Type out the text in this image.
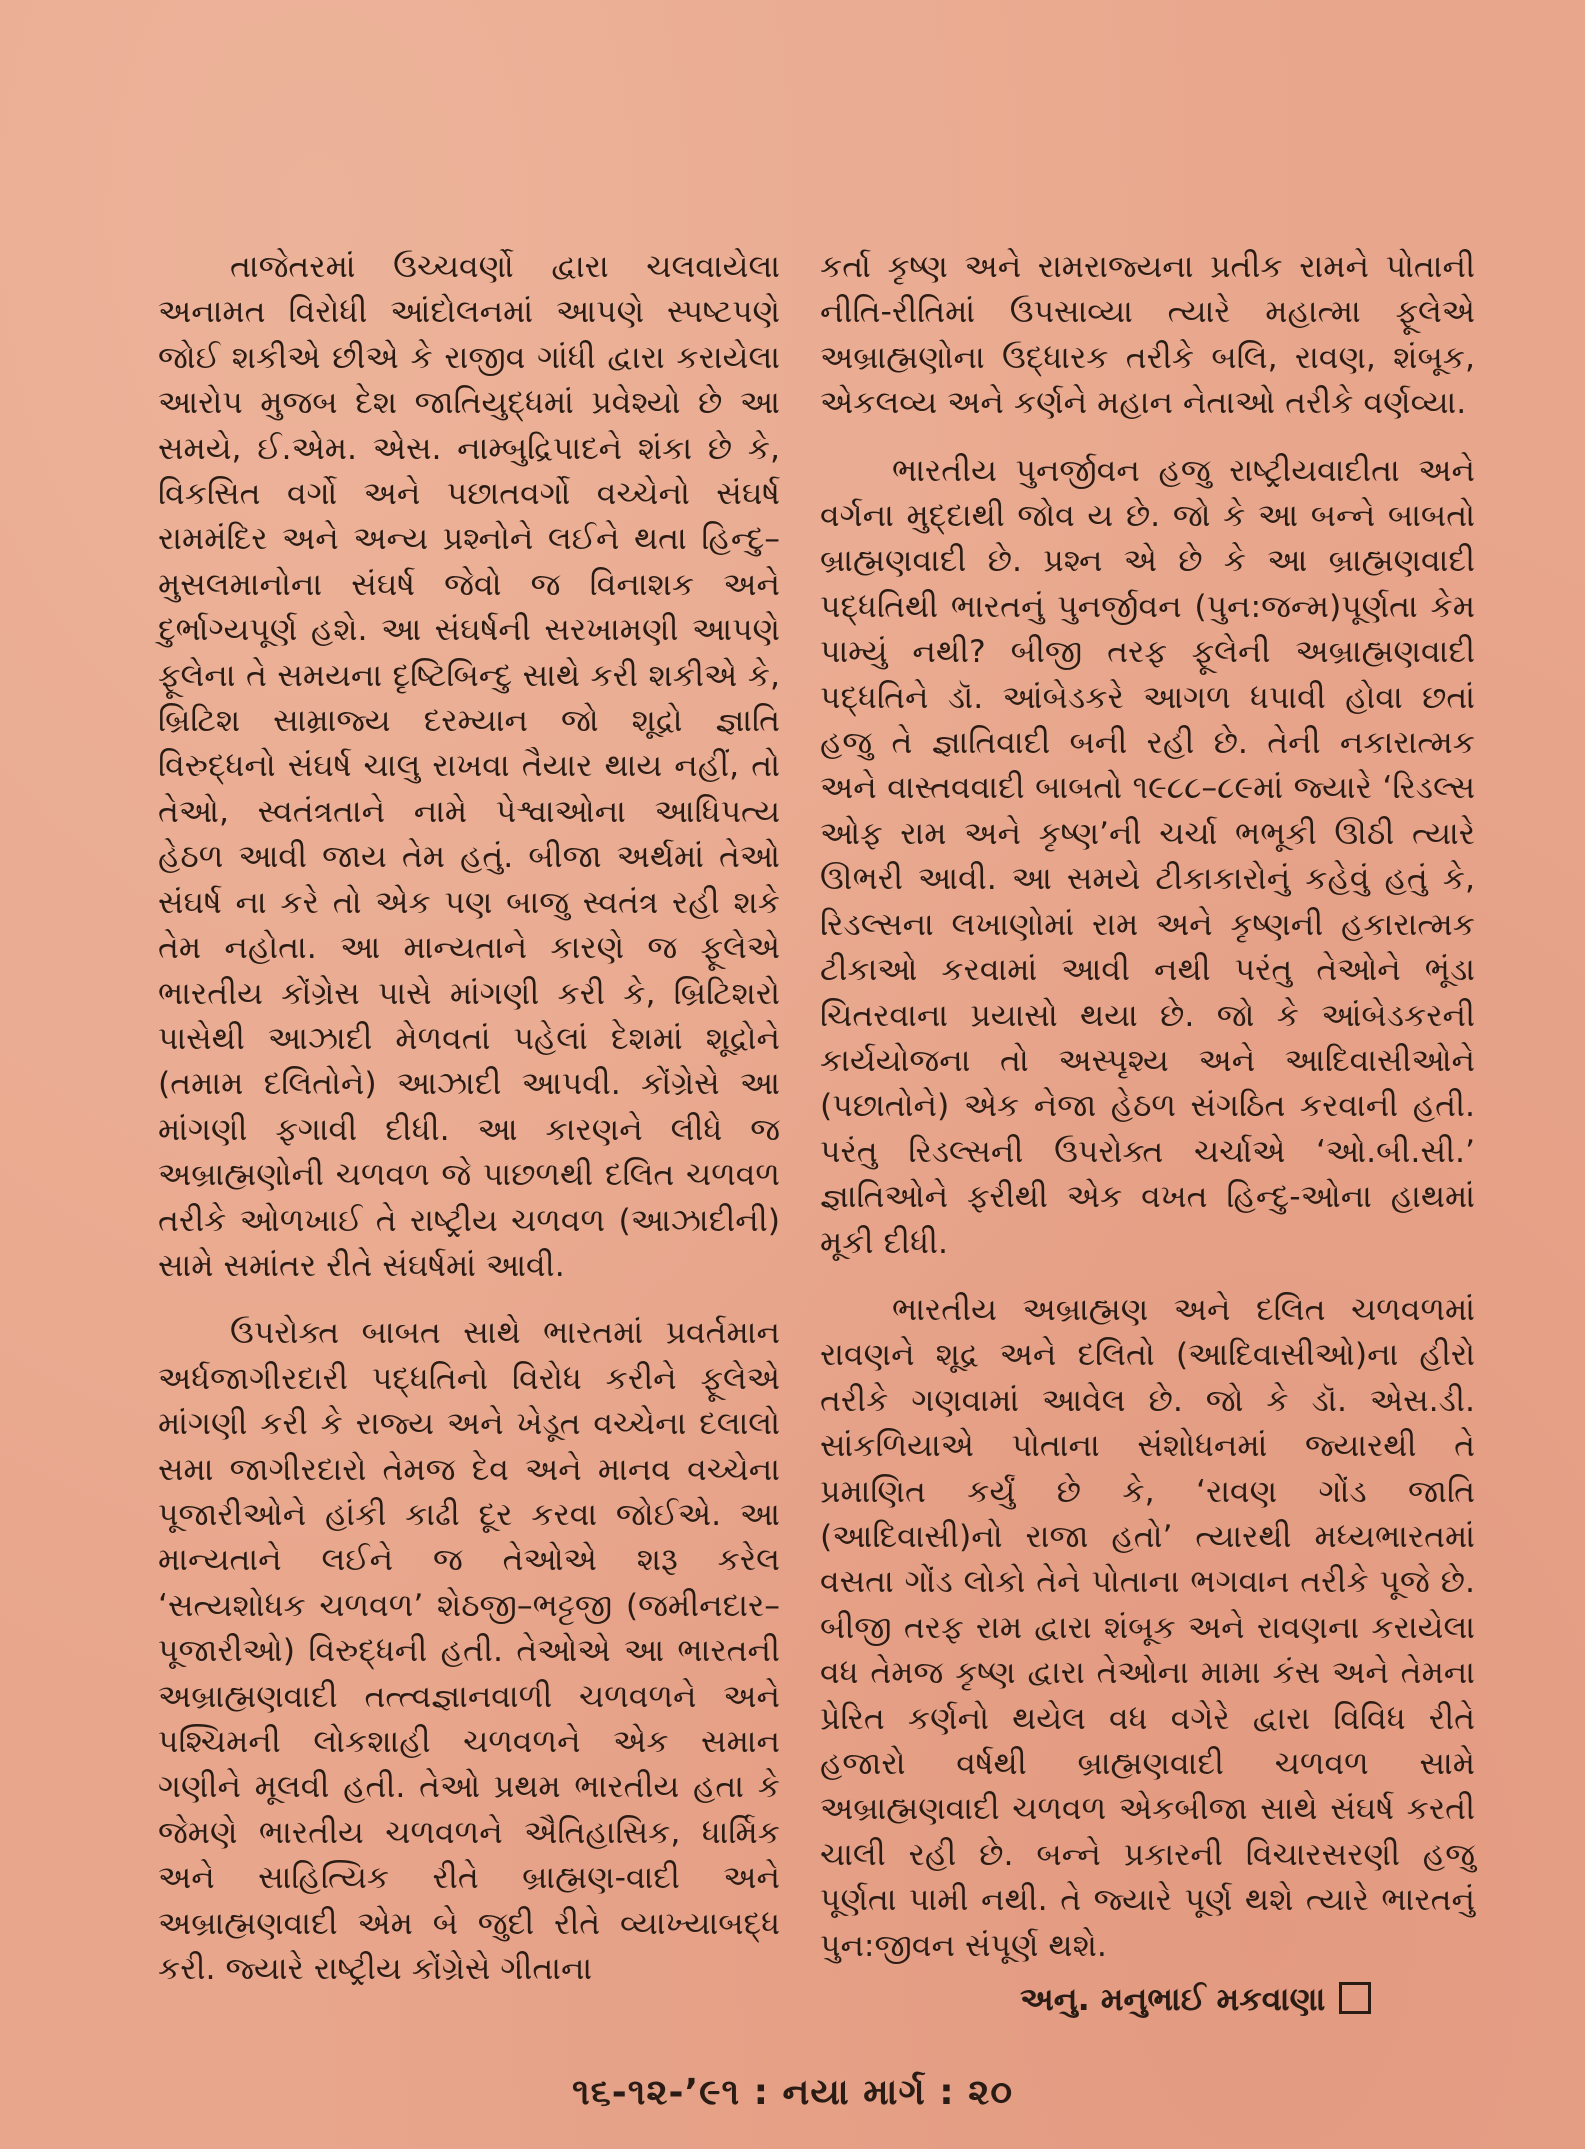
તાજેતરમાં ઉચ્ચવર્ણો દ્વારા ચલવાયેલા અનામત વિરોધી આંદોલનમાં આપણે સ્પષ્ટપણે જોઈ શકીએ છીએ કે રાજીવ ગાંધી દ્વારા કરાયેલા આરોપ મુજબ દેશ જાતિયુદ્ધમાં પ્રવેશ્યો છે આ સમયે, ઈ.એમ. એસ. નામ્બુદ્રિપાદને શંકા છે કે, વિકસિત વર્ગો અને પછાતવર્ગો વચ્ચેનો સંઘર્ષ રામમંદિર અને અન્ય પ્રશ્નોને લઈને થતા હિન્દુ–મુસલમાનોના સંઘર્ષ જેવો જ વિનાશક અને દુર્ભાગ્યપૂર્ણ હશે. આ સંઘર્ષની સરખામણી આપણે ફૂલેના તે સમયના દૃષ્ટિબિન્દુ સાથે કરી શકીએ કે, બ્રિટિશ સામ્રાજ્ય દરમ્યાન જો શૂદ્રો જ્ઞાતિ વિરુદ્ધનો સંઘર્ષ ચાલુ રાખવા તૈયાર થાય નહીં, તો તેઓ, સ્વતંત્રતાને નામે પેશ્વાઓના આધિપત્ય હેઠળ આવી જાય તેમ હતું. બીજા અર્થમાં તેઓ સંઘર્ષ ના કરે તો એક પણ બાજુ સ્વતંત્ર રહી શકે તેમ નહોતા. આ માન્યતાને કારણે જ ફૂલેએ ભારતીય કોંગ્રેસ પાસે માંગણી કરી કે, બ્રિટિશરો પાસેથી આઝાદી મેળવતાં પહેલાં દેશમાં શૂદ્રોને (તમામ દલિતોને) આઝાદી આપવી. કોંગ્રેસે આ માંગણી ફગાવી દીધી. આ કારણને લીધે જ અબ્રાહ્મણોની ચળવળ જે પાછળથી દલિત ચળવળ તરીકે ઓળખાઈ તે રાષ્ટ્રીય ચળવળ (આઝાદીની) સામે સમાંતર રીતે સંઘર્ષમાં આવી.

ઉપરોક્ત બાબત સાથે ભારતમાં પ્રવર્તમાન અર્ધજાગીરદારી પદ્ધતિનો વિરોધ કરીને ફૂલેએ માંગણી કરી કે રાજ્ય અને ખેડૂત વચ્ચેના દલાલો સમા જાગીરદારો તેમજ દેવ અને માનવ વચ્ચેના પૂજારીઓને હાંકી કાઢી દૂર કરવા જોઈએ. આ માન્યતાને લઈને જ તેઓએ શરૂ કરેલ ‘સત્યશોધક ચળવળ’ શેઠજી–ભટ્ટજી (જમીનદાર–પૂજારીઓ) વિરુદ્ધની હતી. તેઓએ આ ભારતની અબ્રાહ્મણવાદી તત્ત્વજ્ઞાનવાળી ચળવળને અને પશ્ચિમની લોકશાહી ચળવળને એક સમાન ગણીને મૂલવી હતી. તેઓ પ્રથમ ભારતીય હતા કે જેમણે ભારતીય ચળવળને ઐતિહાસિક, ધાર્મિક અને સાહિત્યિક રીતે બ્રાહ્મણ-વાદી અને અબ્રાહ્મણવાદી એમ બે જુદી રીતે વ્યાખ્યાબદ્ધ કરી. જ્યારે રાષ્ટ્રીય કોંગ્રેસે ગીતાના

કર્તા કૃષ્ણ અને રામરાજ્યના પ્રતીક રામને પોતાની નીતિ-રીતિમાં ઉપસાવ્યા ત્યારે મહાત્મા ફૂલેએ અબ્રાહ્મણોના ઉદ્ધારક તરીકે બલિ, રાવણ, શંબૂક, એકલવ્ય અને કર્ણને મહાન નેતાઓ તરીકે વર્ણવ્યા.

ભારતીય પુનર્જીવન હજુ રાષ્ટ્રીયવાદીતા અને વર્ગના મુદ્દાથી જોવ ય છે. જો કે આ બન્ને બાબતો બ્રાહ્મણવાદી છે. પ્રશ્ન એ છે કે આ બ્રાહ્મણવાદી પદ્ધતિથી ભારતનું પુનર્જીવન (પુન:જન્મ)પૂર્ણતા કેમ પામ્યું નથી? બીજી તરફ ફૂલેની અબ્રાહ્મણવાદી પદ્ધતિને ડૉ. આંબેડકરે આગળ ધપાવી હોવા છતાં હજુ તે જ્ઞાતિવાદી બની રહી છે. તેની નકારાત્મક અને વાસ્તવવાદી બાબતો ૧૯૮૮–૮૯માં જ્યારે ‘રિડલ્સ ઓફ રામ અને કૃષ્ણ’ની ચર્ચા ભભૂકી ઊઠી ત્યારે ઊભરી આવી. આ સમયે ટીકાકારોનું કહેવું હતું કે, રિડલ્સના લખાણોમાં રામ અને કૃષ્ણની હકારાત્મક ટીકાઓ કરવામાં આવી નથી પરંતુ તેઓને ભૂંડા ચિતરવાના પ્રયાસો થયા છે. જો કે આંબેડકરની કાર્યયોજના તો અસ્પૃશ્ય અને આદિવાસીઓને (પછાતોને) એક નેજા હેઠળ સંગઠિત કરવાની હતી. પરંતુ રિડલ્સની ઉપરોક્ત ચર્ચાએ ‘ઓ.બી.સી.’ જ્ઞાતિઓને ફરીથી એક વખત હિન્દુ-ઓના હાથમાં મૂકી દીધી.

ભારતીય અબ્રાહ્મણ અને દલિત ચળવળમાં રાવણને શૂદ્ર અને દલિતો (આદિવાસીઓ)ના હીરો તરીકે ગણવામાં આવેલ છે. જો કે ડૉ. એસ.ડી. સાંકળિયાએ પોતાના સંશોધનમાં જ્યારથી તે પ્રમાણિત કર્યું છે કે, ‘રાવણ ગોંડ જાતિ (આદિવાસી)નો રાજા હતો’ ત્યારથી મધ્યભારતમાં વસતા ગોંડ લોકો તેને પોતાના ભગવાન તરીકે પૂજે છે. બીજી તરફ રામ દ્વારા શંબૂક અને રાવણના કરાયેલા વધ તેમજ કૃષ્ણ દ્વારા તેઓના મામા કંસ અને તેમના પ્રેરિત કર્ણનો થયેલ વધ વગેરે દ્વારા વિવિધ રીતે હજારો વર્ષથી બ્રાહ્મણવાદી ચળવળ સામે અબ્રાહ્મણવાદી ચળવળ એકબીજા સાથે સંઘર્ષ કરતી ચાલી રહી છે. બન્ને પ્રકારની વિચારસરણી હજુ પૂર્ણતા પામી નથી. તે જ્યારે પૂર્ણ થશે ત્યારે ભારતનું પુન:જીવન સંપૂર્ણ થશે.

અનુ. મનુભાઈ મકવાણા
૧૬-૧૨-’૯૧ : નયા માર્ગ : ૨૦
